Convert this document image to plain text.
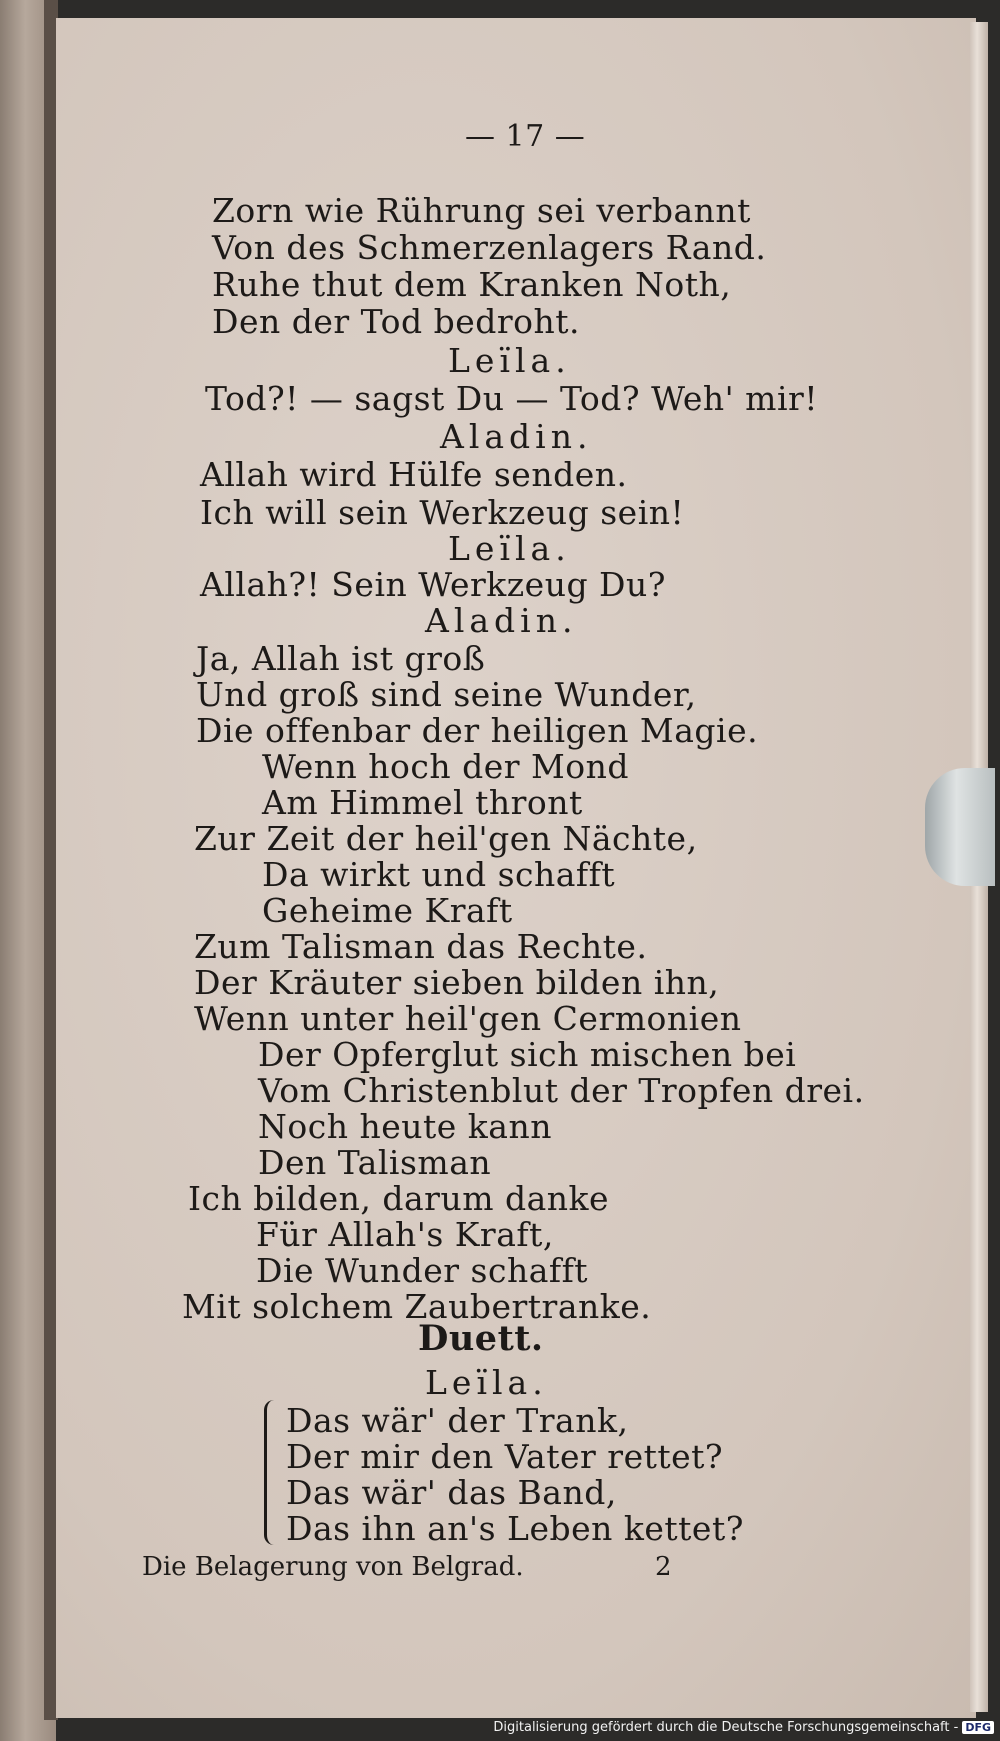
— 17 —
Zorn wie Rührung sei verbannt
Von des Schmerzenlagers Rand.
Ruhe thut dem Kranken Noth,
Den der Tod bedroht.
Leïla.
Tod?! — sagst Du — Tod? Weh' mir!
Aladin.
Allah wird Hülfe senden.
Ich will sein Werkzeug sein!
Leïla.
Allah?! Sein Werkzeug Du?
Aladin.
Ja, Allah ist groß
Und groß sind seine Wunder,
Die offenbar der heiligen Magie.
Wenn hoch der Mond
Am Himmel thront
Zur Zeit der heil'gen Nächte,
Da wirkt und schafft
Geheime Kraft
Zum Talisman das Rechte.
Der Kräuter sieben bilden ihn,
Wenn unter heil'gen Cermonien
Der Opferglut sich mischen bei
Vom Christenblut der Tropfen drei.
Noch heute kann
Den Talisman
Ich bilden, darum danke
Für Allah's Kraft,
Die Wunder schafft
Mit solchem Zaubertranke.
Duett.
Leïla.
Das wär' der Trank,
Der mir den Vater rettet?
Das wär' das Band,
Das ihn an's Leben kettet?
Die Belagerung von Belgrad.	2
Digitalisierung gefördert durch die Deutsche Forschungsgemeinschaft - DFG
